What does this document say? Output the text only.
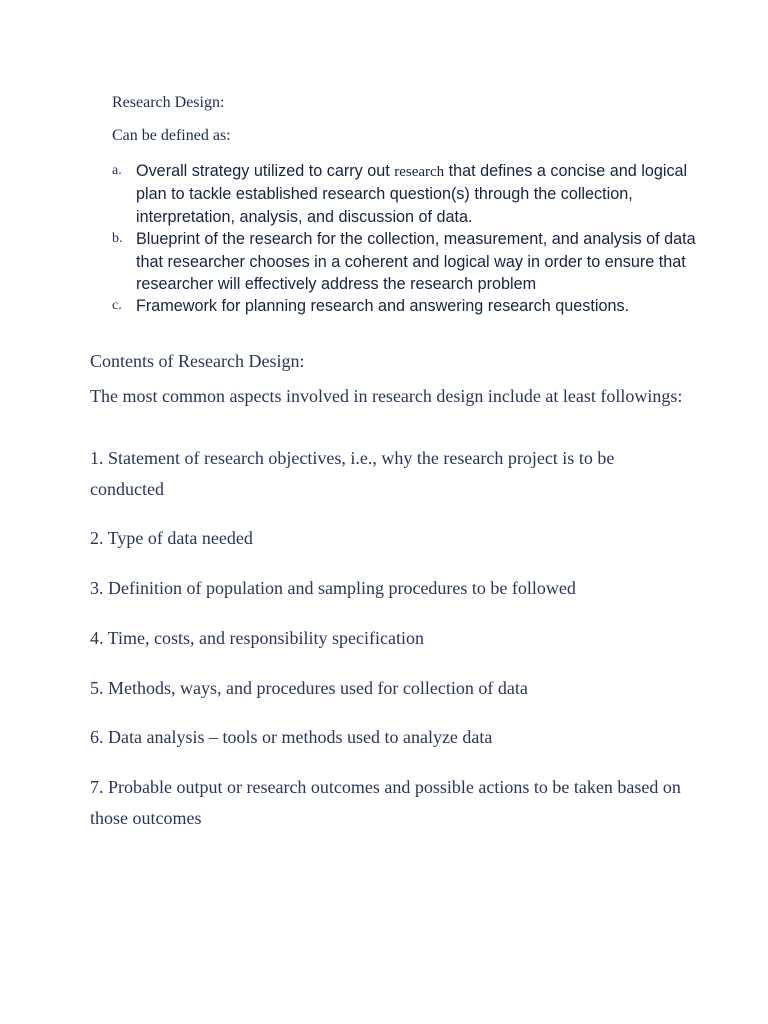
Research Design:
Can be defined as:
a. Overall strategy utilized to carry out research that defines a concise and logical plan to tackle established research question(s) through the collection, interpretation, analysis, and discussion of data.
b. Blueprint of the research for the collection, measurement, and analysis of data that researcher chooses in a coherent and logical way in order to ensure that researcher will effectively address the research problem
c. Framework for planning research and answering research questions.
Contents of Research Design:
The most common aspects involved in research design include at least followings:
1. Statement of research objectives, i.e., why the research project is to be conducted
2. Type of data needed
3. Definition of population and sampling procedures to be followed
4. Time, costs, and responsibility specification
5. Methods, ways, and procedures used for collection of data
6. Data analysis – tools or methods used to analyze data
7. Probable output or research outcomes and possible actions to be taken based on those outcomes
